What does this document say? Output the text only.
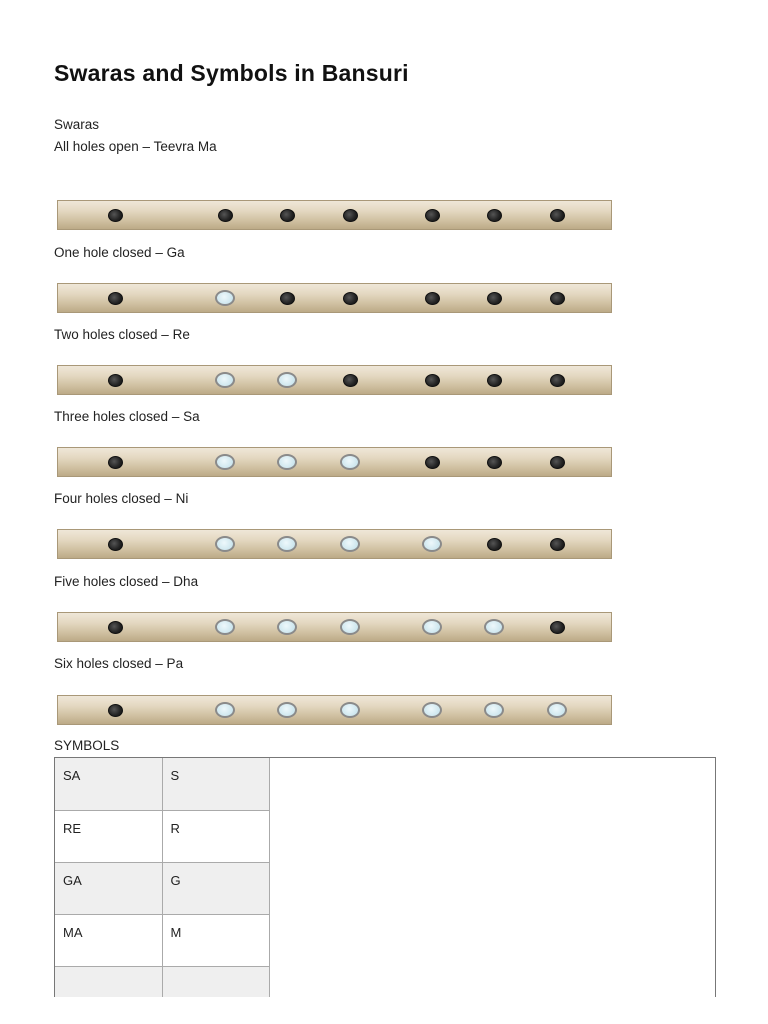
Swaras and Symbols in Bansuri
Swaras
All holes open – Teevra Ma
One hole closed – Ga
Two holes closed – Re
Three holes closed – Sa
Four holes closed – Ni
Five holes closed – Dha
Six holes closed – Pa
SYMBOLS
SA	S
RE	R
GA	G
MA	M
